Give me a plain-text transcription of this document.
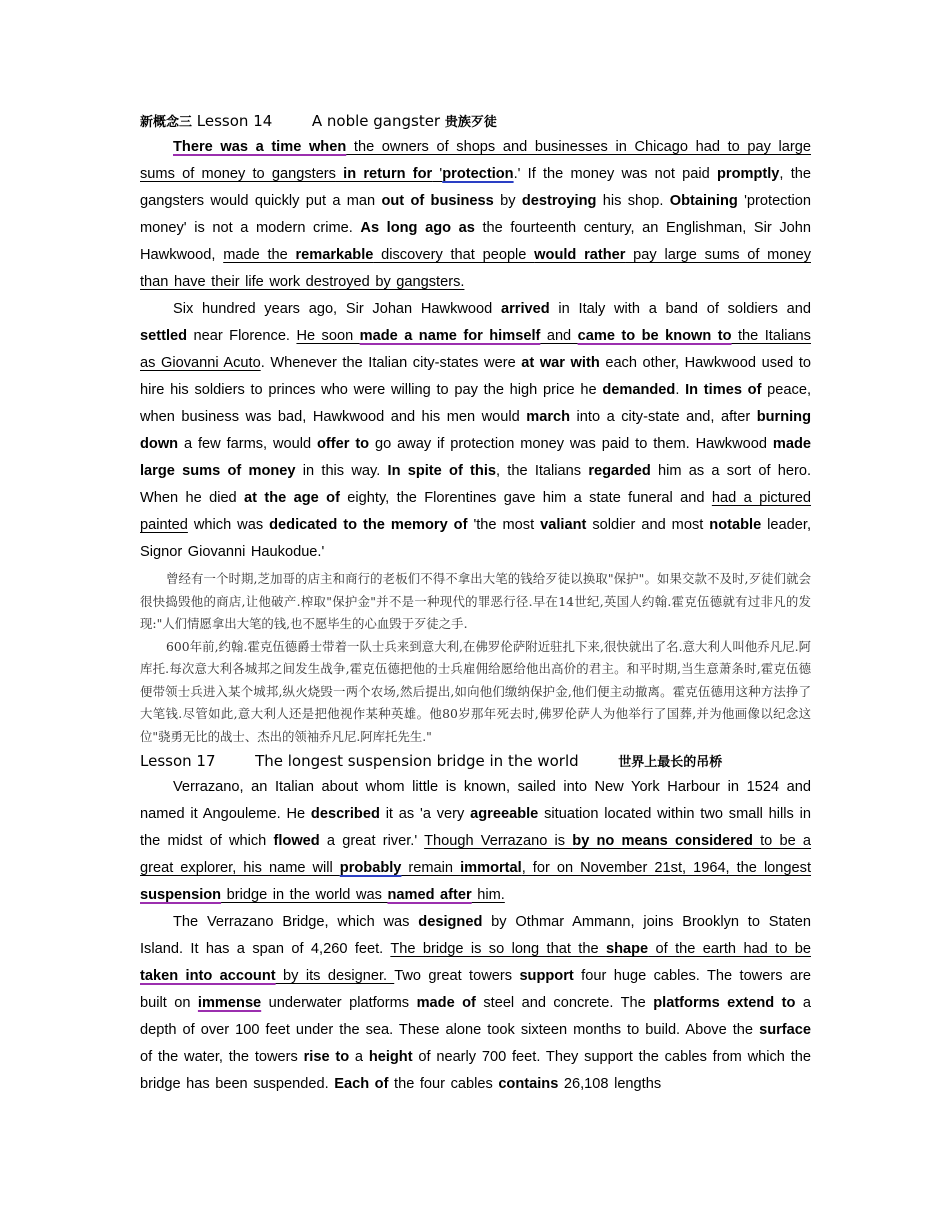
新概念三 Lesson 14	A noble gangster 贵族歹徒

There was a time when the owners of shops and businesses in Chicago had to pay large sums of money to gangsters in return for 'protection.' If the money was not paid promptly, the gangsters would quickly put a man out of business by destroying his shop. Obtaining 'protection money' is not a modern crime. As long ago as the fourteenth century, an Englishman, Sir John Hawkwood, made the remarkable discovery that people would rather pay large sums of money than have their life work destroyed by gangsters.

Six hundred years ago, Sir Johan Hawkwood arrived in Italy with a band of soldiers and settled near Florence. He soon made a name for himself and came to be known to the Italians as Giovanni Acuto. Whenever the Italian city-states were at war with each other, Hawkwood used to hire his soldiers to princes who were willing to pay the high price he demanded. In times of peace, when business was bad, Hawkwood and his men would march into a city-state and, after burning down a few farms, would offer to go away if protection money was paid to them. Hawkwood made large sums of money in this way. In spite of this, the Italians regarded him as a sort of hero. When he died at the age of eighty, the Florentines gave him a state funeral and had a pictured painted which was dedicated to the memory of 'the most valiant soldier and most notable leader, Signor Giovanni Haukodue.'

曾经有一个时期,芝加哥的店主和商行的老板们不得不拿出大笔的钱给歹徒以换取"保护"。如果交款不及时,歹徒们就会很快捣毁他的商店,让他破产.榨取"保护金"并不是一种现代的罪恶行径.早在14世纪,英国人约翰.霍克伍德就有过非凡的发现:"人们情愿拿出大笔的钱,也不愿毕生的心血毁于歹徒之手.

600年前,约翰.霍克伍德爵士带着一队士兵来到意大利,在佛罗伦萨附近驻扎下来,很快就出了名.意大利人叫他乔凡尼.阿库托.每次意大利各城邦之间发生战争,霍克伍德把他的士兵雇佣给愿给他出高价的君主。和平时期,当生意萧条时,霍克伍德便带领士兵进入某个城邦,纵火烧毁一两个农场,然后提出,如向他们缴纳保护金,他们便主动撤离。霍克伍德用这种方法挣了大笔钱.尽管如此,意大利人还是把他视作某种英雄。他80岁那年死去时,佛罗伦萨人为他举行了国葬,并为他画像以纪念这位"骁勇无比的战士、杰出的领袖乔凡尼.阿库托先生."

Lesson 17	The longest suspension bridge in the world	世界上最长的吊桥

Verrazano, an Italian about whom little is known, sailed into New York Harbour in 1524 and named it Angouleme. He described it as 'a very agreeable situation located within two small hills in the midst of which flowed a great river.' Though Verrazano is by no means considered to be a great explorer, his name will probably remain immortal, for on November 21st, 1964, the longest suspension bridge in the world was named after him.

The Verrazano Bridge, which was designed by Othmar Ammann, joins Brooklyn to Staten Island. It has a span of 4,260 feet. The bridge is so long that the shape of the earth had to be taken into account by its designer. Two great towers support four huge cables. The towers are built on immense underwater platforms made of steel and concrete. The platforms extend to a depth of over 100 feet under the sea. These alone took sixteen months to build. Above the surface of the water, the towers rise to a height of nearly 700 feet. They support the cables from which the bridge has been suspended. Each of the four cables contains 26,108 lengths
